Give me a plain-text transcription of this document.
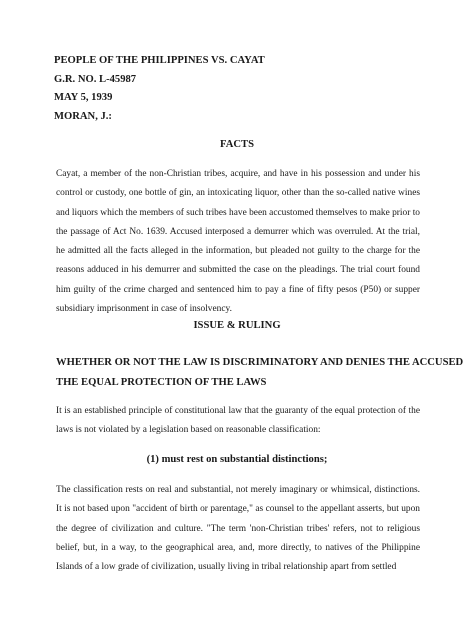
PEOPLE OF THE PHILIPPINES VS. CAYAT
G.R. NO. L-45987
MAY 5, 1939
MORAN, J.:
FACTS
Cayat, a member of the non-Christian tribes, acquire, and have in his possession and under his control or custody, one bottle of gin, an intoxicating liquor, other than the so-called native wines and liquors which the members of such tribes have been accustomed themselves to make prior to the passage of Act No. 1639. Accused interposed a demurrer which was overruled. At the trial, he admitted all the facts alleged in the information, but pleaded not guilty to the charge for the reasons adduced in his demurrer and submitted the case on the pleadings. The trial court found him guilty of the crime charged and sentenced him to pay a fine of fifty pesos (P50) or supper subsidiary imprisonment in case of insolvency.
ISSUE & RULING
WHETHER OR NOT THE LAW IS DISCRIMINATORY AND DENIES THE ACCUSED
THE EQUAL PROTECTION OF THE LAWS
It is an established principle of constitutional law that the guaranty of the equal protection of the laws is not violated by a legislation based on reasonable classification:
(1) must rest on substantial distinctions;
The classification rests on real and substantial, not merely imaginary or whimsical, distinctions. It is not based upon "accident of birth or parentage," as counsel to the appellant asserts, but upon the degree of civilization and culture. "The term 'non-Christian tribes' refers, not to religious belief, but, in a way, to the geographical area, and, more directly, to natives of the Philippine Islands of a low grade of civilization, usually living in tribal relationship apart from settled
